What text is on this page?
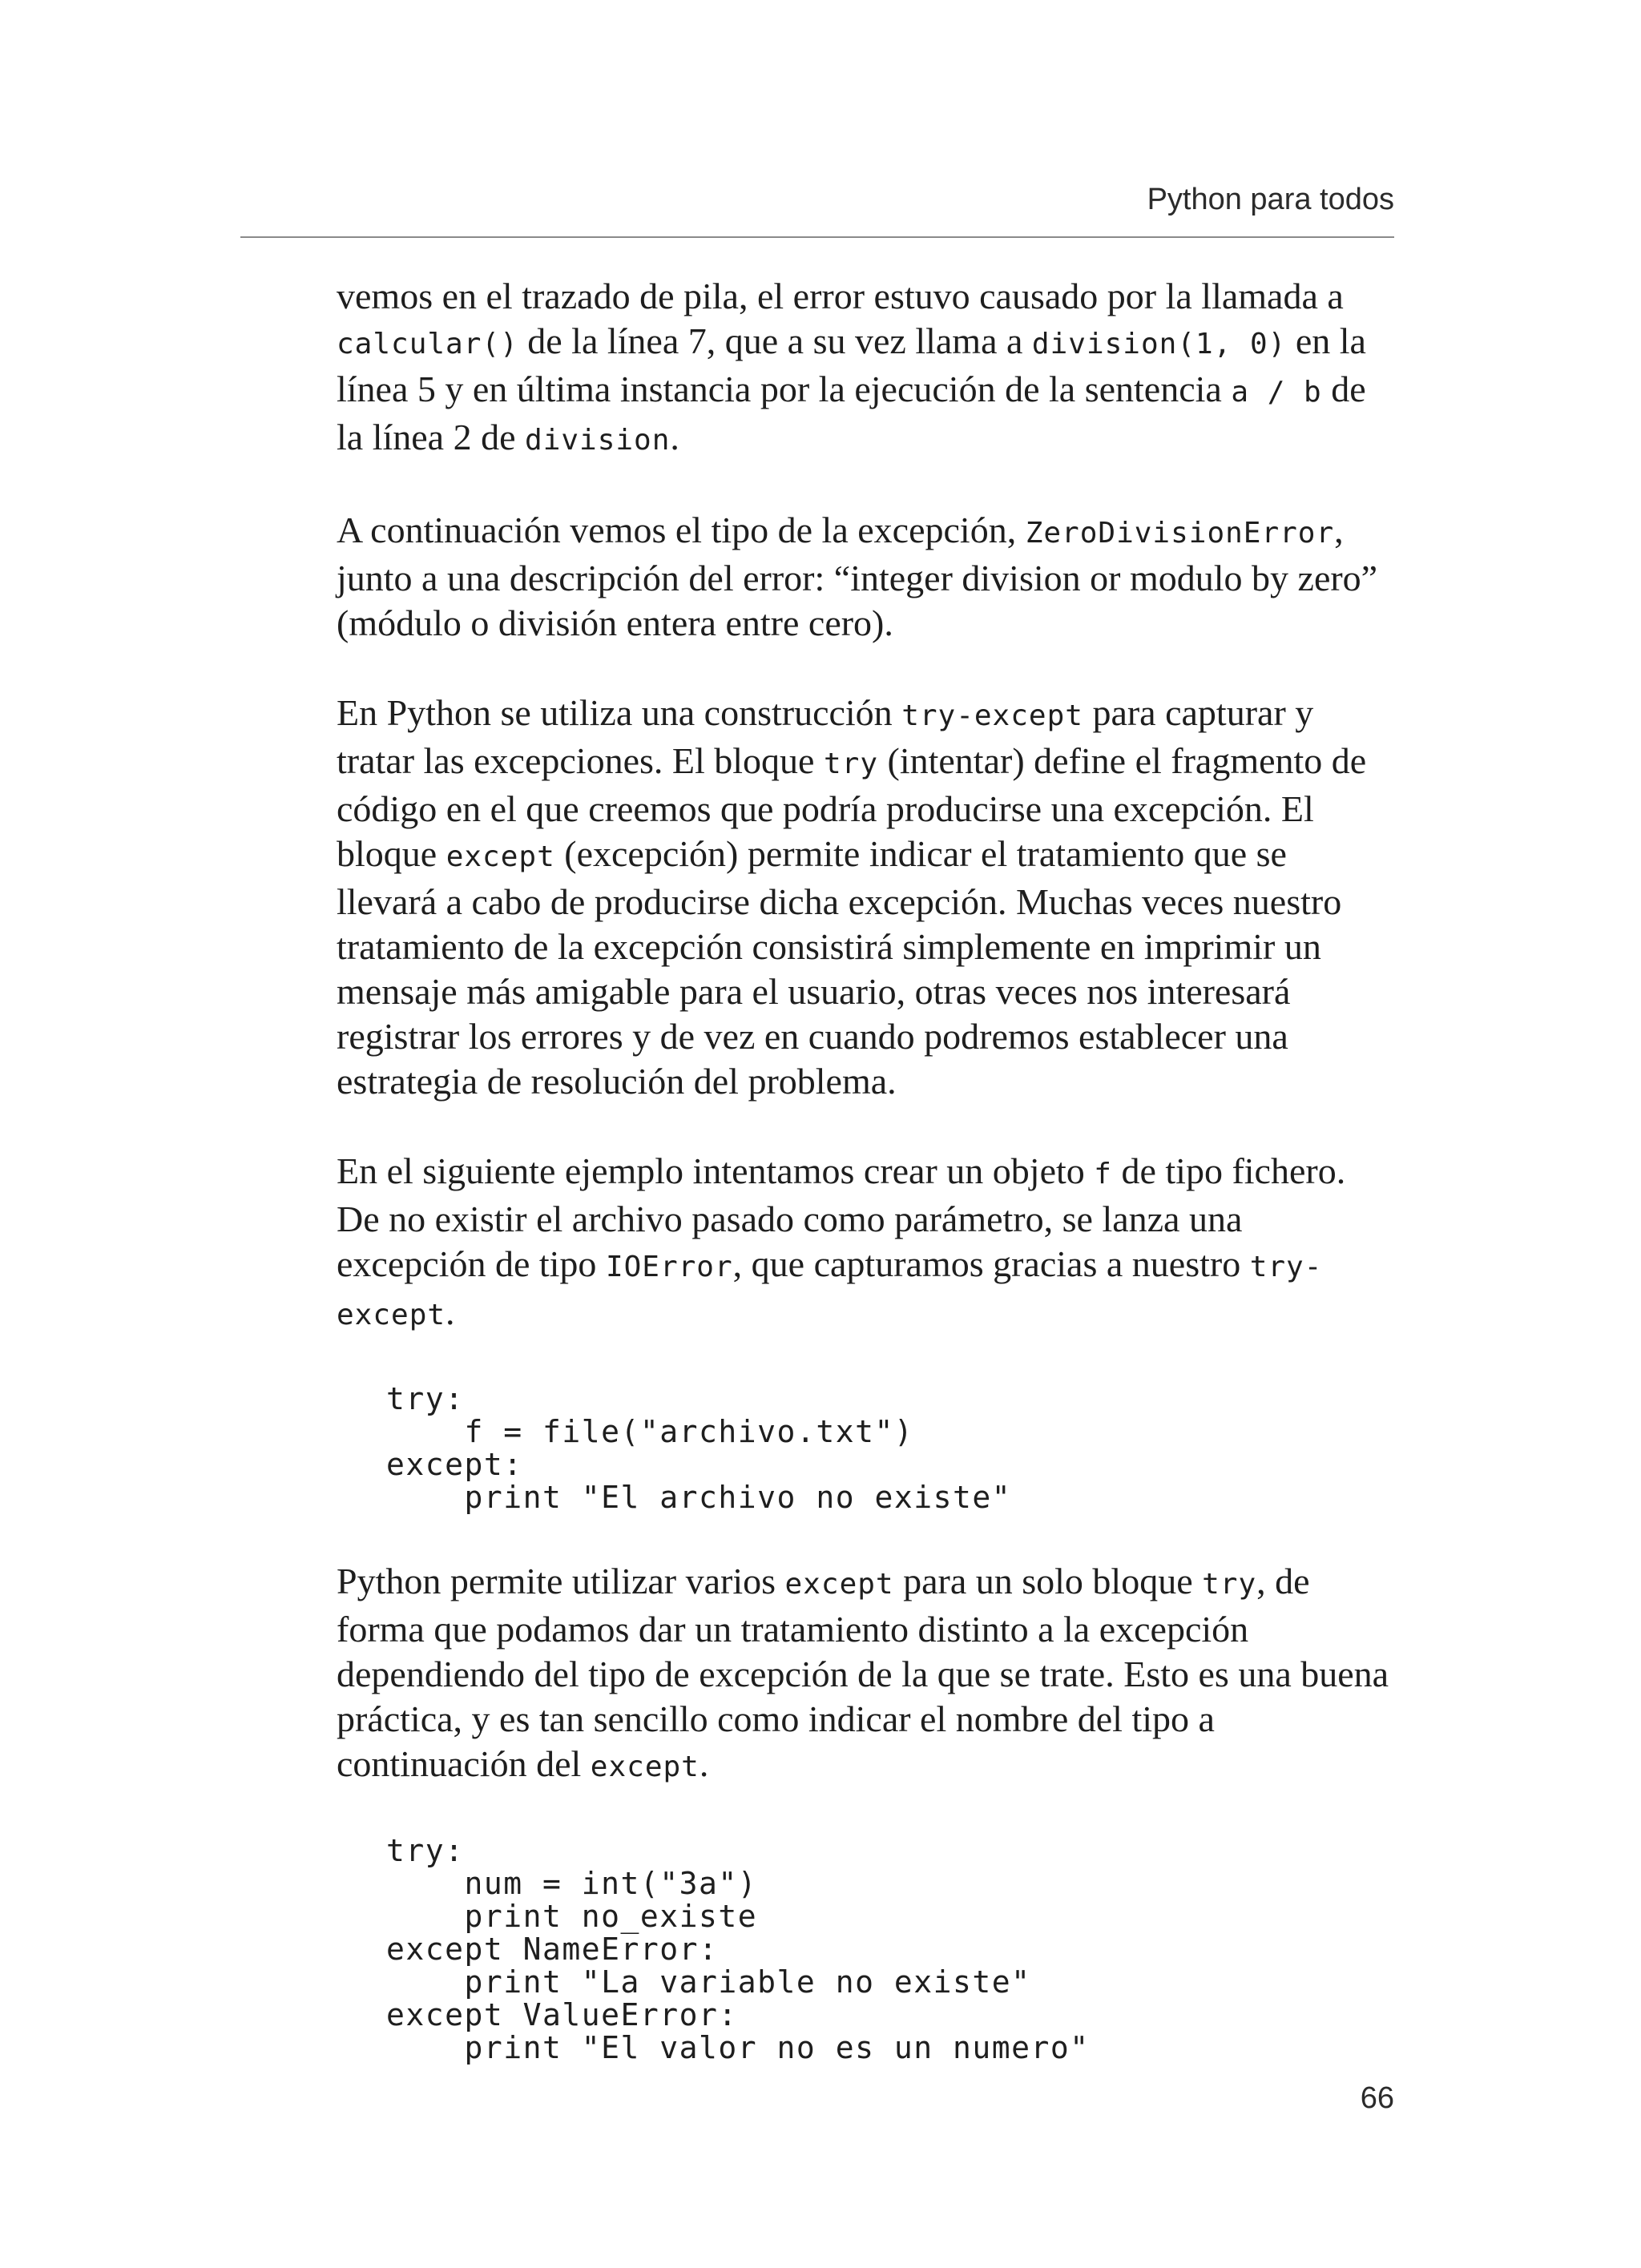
Python para todos

vemos en el trazado de pila, el error estuvo causado por la llamada a calcular() de la línea 7, que a su vez llama a division(1, 0) en la línea 5 y en última instancia por la ejecución de la sentencia a / b de la línea 2 de division.

A continuación vemos el tipo de la excepción, ZeroDivisionError, junto a una descripción del error: “integer division or modulo by zero” (módulo o división entera entre cero).

En Python se utiliza una construcción try-except para capturar y tratar las excepciones. El bloque try (intentar) define el fragmento de código en el que creemos que podría producirse una excepción. El bloque except (excepción) permite indicar el tratamiento que se llevará a cabo de producirse dicha excepción. Muchas veces nuestro tratamiento de la excepción consistirá simplemente en imprimir un mensaje más amigable para el usuario, otras veces nos interesará registrar los errores y de vez en cuando podremos establecer una estrategia de resolución del problema.

En el siguiente ejemplo intentamos crear un objeto f de tipo fichero. De no existir el archivo pasado como parámetro, se lanza una excepción de tipo IOError, que capturamos gracias a nuestro try-except.

try:
f = file("archivo.txt")
except:
print "El archivo no existe"

Python permite utilizar varios except para un solo bloque try, de forma que podamos dar un tratamiento distinto a la excepción dependiendo del tipo de excepción de la que se trate. Esto es una buena práctica, y es tan sencillo como indicar el nombre del tipo a continuación del except.

try:
num = int("3a")
print no_existe
except NameError:
print "La variable no existe"
except ValueError:
print "El valor no es un numero"
66
